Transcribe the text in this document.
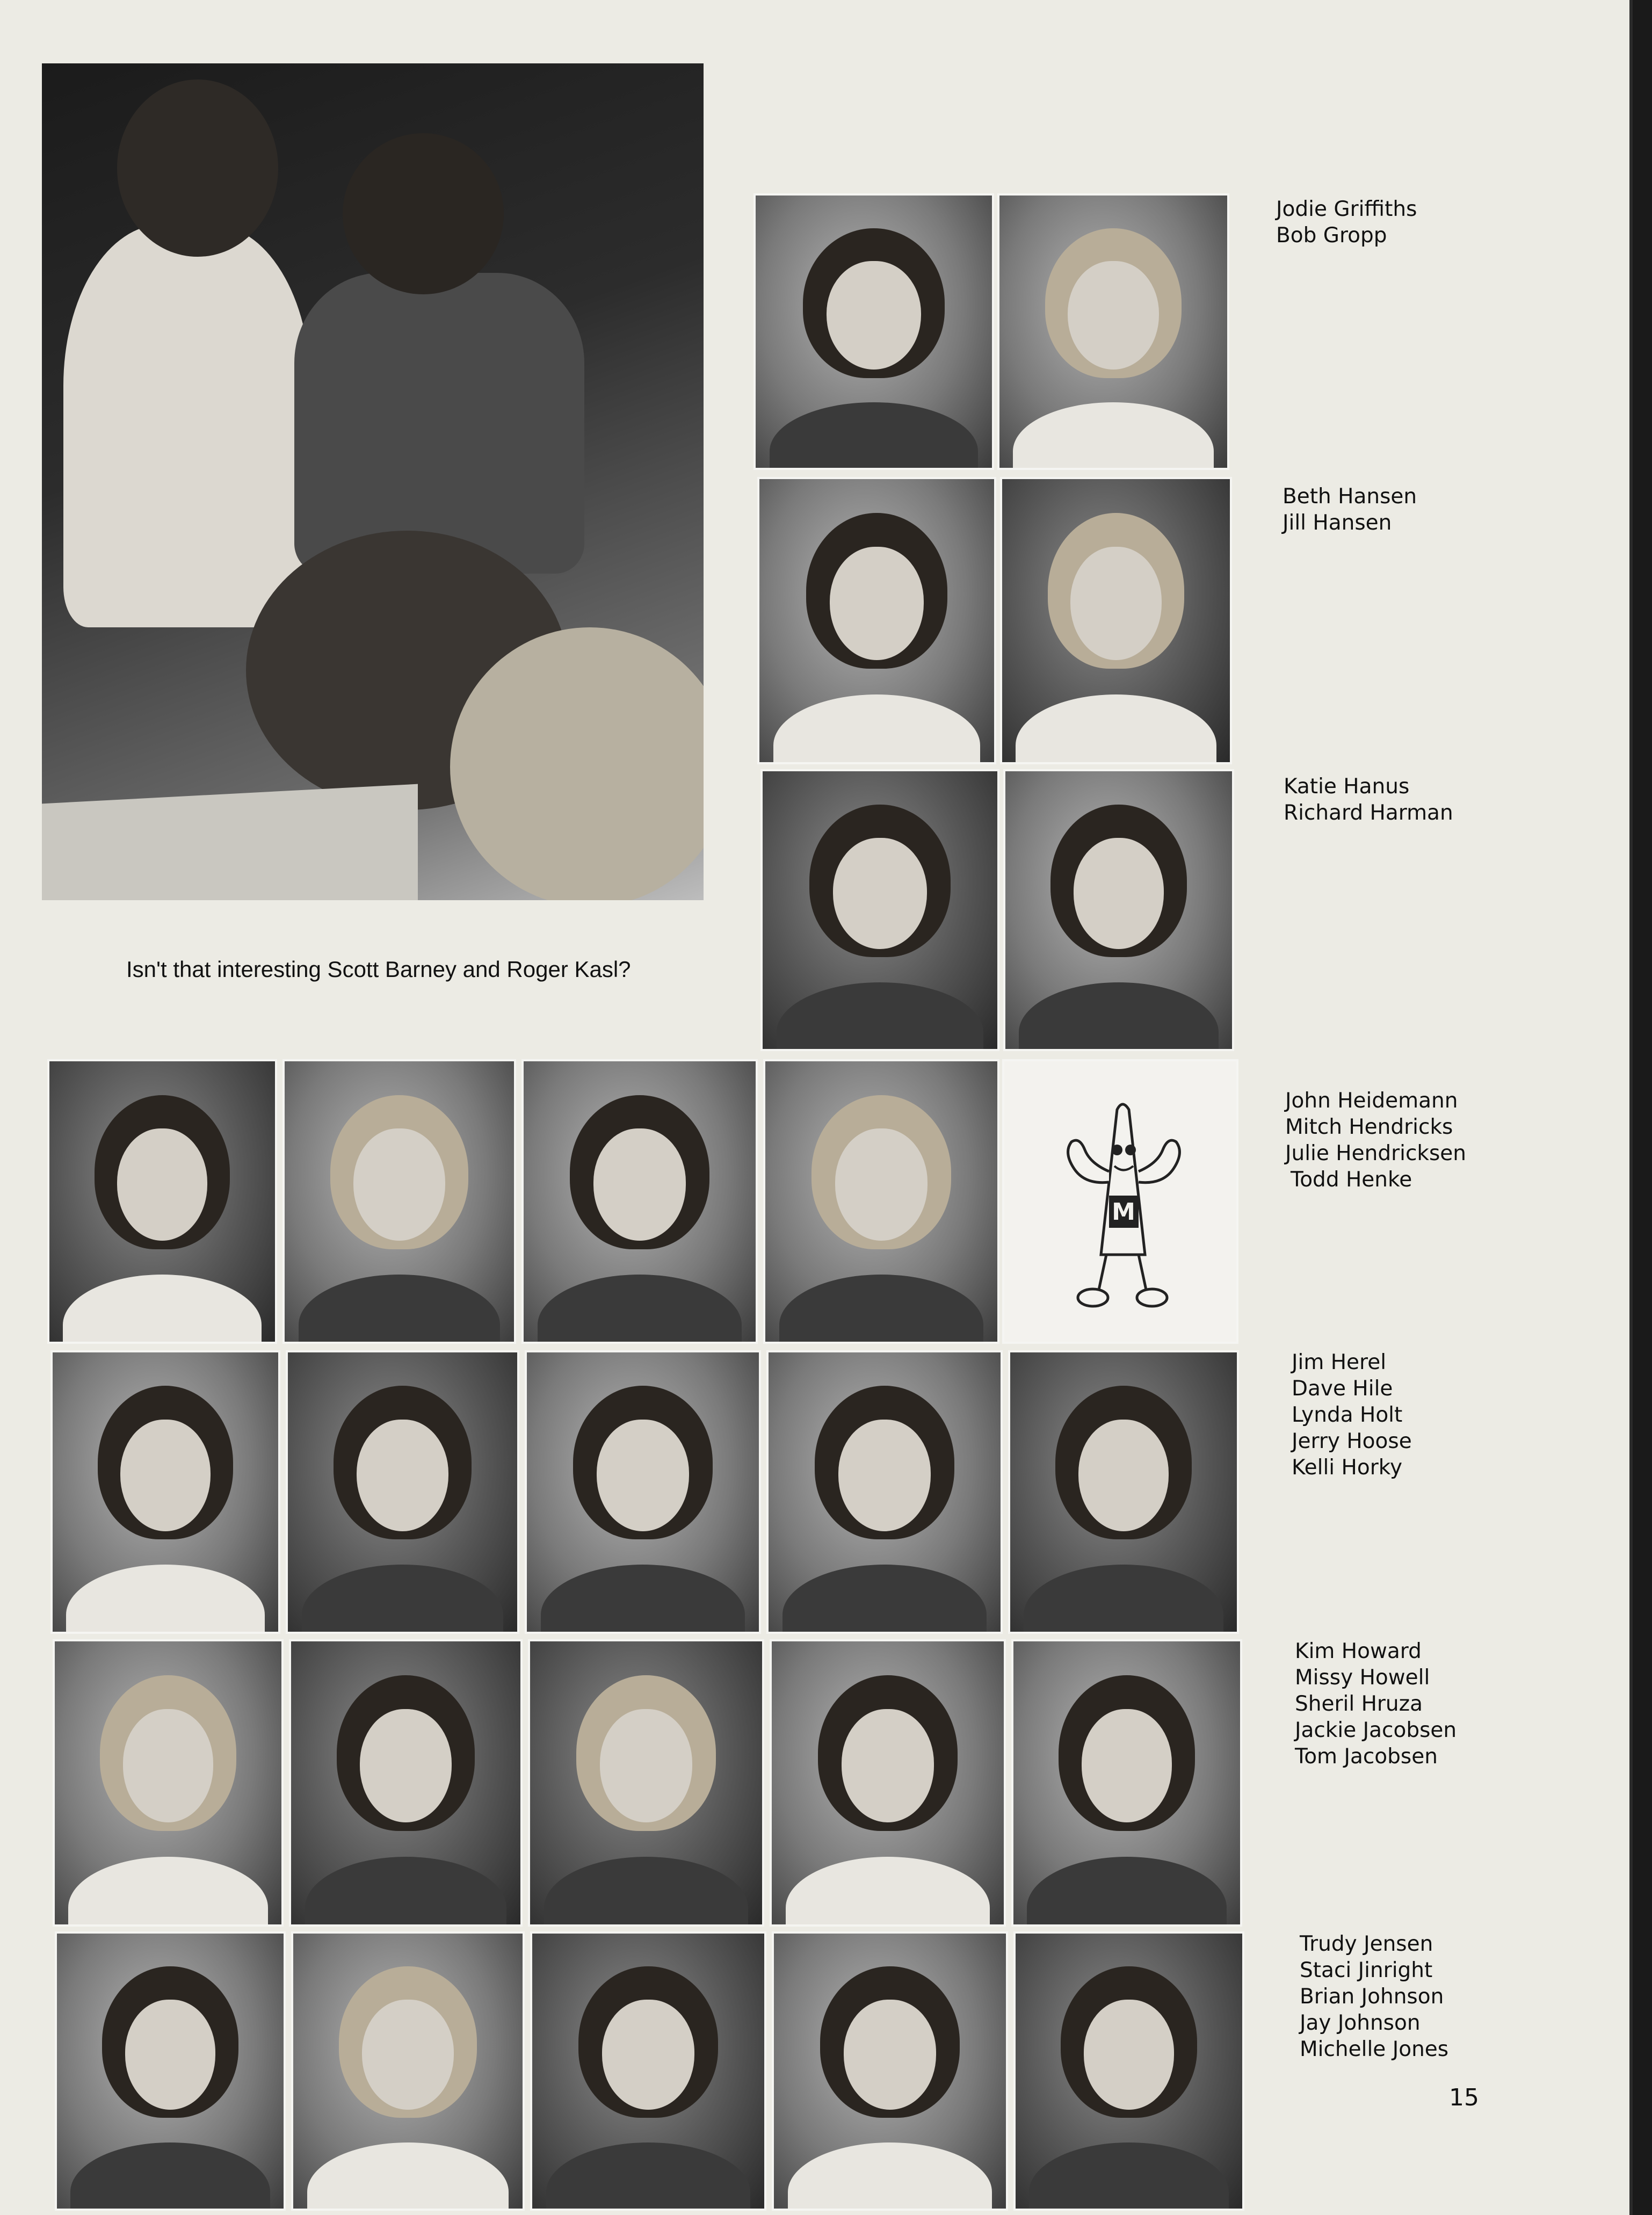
Isn't that interesting Scott Barney and Roger Kasl?
M
Jodie Griffiths
Bob Gropp
Beth Hansen
Jill Hansen
Katie Hanus
Richard Harman
John Heidemann
Mitch Hendricks
Julie Hendricksen
Todd Henke
Jim Herel
Dave Hile
Lynda Holt
Jerry Hoose
Kelli Horky
Kim Howard
Missy Howell
Sheril Hruza
Jackie Jacobsen
Tom Jacobsen
Trudy Jensen
Staci Jinright
Brian Johnson
Jay Johnson
Michelle Jones
15
